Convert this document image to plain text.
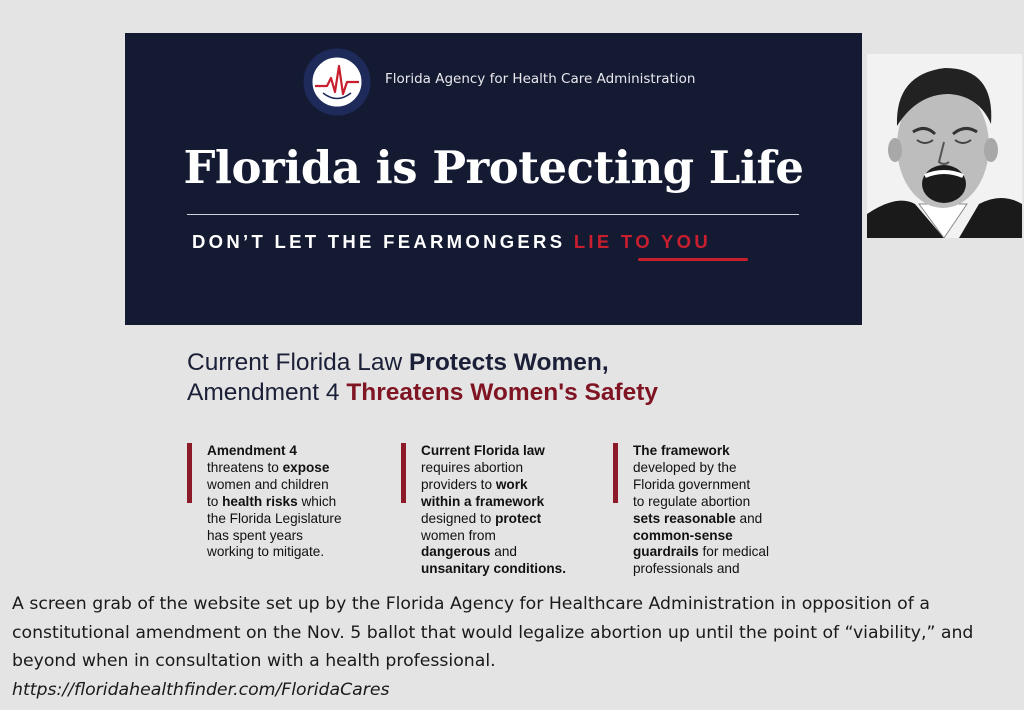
Florida Agency for Health Care Administration
Florida is Protecting Life
DON’T LET THE FEARMONGERS LIE TO YOU
Current Florida Law Protects Women,
Amendment 4 Threatens Women's Safety
Amendment 4
threatens to expose
women and children
to health risks which
the Florida Legislature
has spent years
working to mitigate.
Current Florida law
requires abortion
providers to work
within a framework
designed to protect
women from
dangerous and
unsanitary conditions.
The framework
developed by the
Florida government
to regulate abortion
sets reasonable and
common-sense
guardrails for medical
professionals and
A screen grab of the website set up by the Florida Agency for Healthcare Administration in opposition of a constitutional amendment on the Nov. 5 ballot that would legalize abortion up until the point of “viability,” and beyond when in consultation with a health professional.
https://floridahealthfinder.com/FloridaCares
